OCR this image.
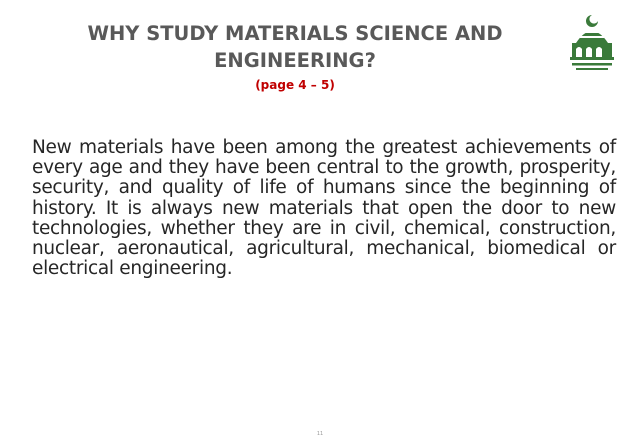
WHY STUDY MATERIALS SCIENCE AND ENGINEERING?
(page 4 – 5)

New materials have been among the greatest achievements of every age and they have been central to the growth, prosperity, security, and quality of life of humans since the beginning of history. It is always new materials that open the door to new technologies, whether they are in civil, chemical, construction, nuclear, aeronautical, agricultural, mechanical, biomedical or electrical engineering.

11
